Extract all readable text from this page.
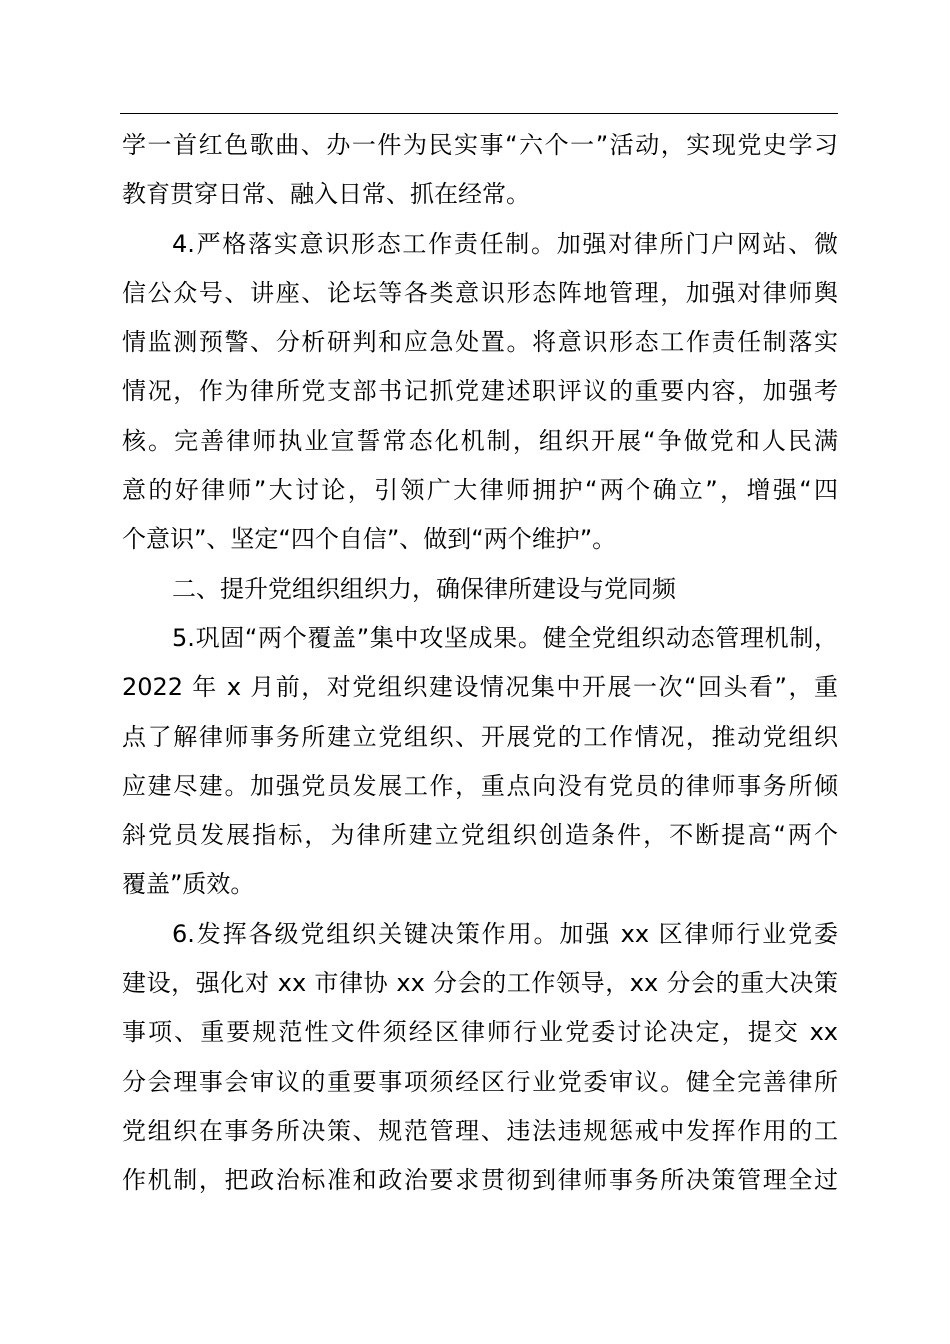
学一首红色歌曲、办一件为民实事“六个一”活动，实现党史学习
教育贯穿日常、融入日常、抓在经常。
4.严格落实意识形态工作责任制。加强对律所门户网站、微
信公众号、讲座、论坛等各类意识形态阵地管理，加强对律师舆
情监测预警、分析研判和应急处置。将意识形态工作责任制落实
情况，作为律所党支部书记抓党建述职评议的重要内容，加强考
核。完善律师执业宣誓常态化机制，组织开展“争做党和人民满
意的好律师”大讨论，引领广大律师拥护“两个确立”，增强“四
个意识”、坚定“四个自信”、做到“两个维护”。
二、提升党组织组织力，确保律所建设与党同频
5.巩固“两个覆盖”集中攻坚成果。健全党组织动态管理机制，
2022 年 x 月前，对党组织建设情况集中开展一次“回头看”，重
点了解律师事务所建立党组织、开展党的工作情况，推动党组织
应建尽建。加强党员发展工作，重点向没有党员的律师事务所倾
斜党员发展指标，为律所建立党组织创造条件，不断提高“两个
覆盖”质效。
6.发挥各级党组织关键决策作用。加强 xx 区律师行业党委
建设，强化对 xx 市律协 xx 分会的工作领导，xx 分会的重大决策
事项、重要规范性文件须经区律师行业党委讨论决定，提交 xx
分会理事会审议的重要事项须经区行业党委审议。健全完善律所
党组织在事务所决策、规范管理、违法违规惩戒中发挥作用的工
作机制，把政治标准和政治要求贯彻到律师事务所决策管理全过
